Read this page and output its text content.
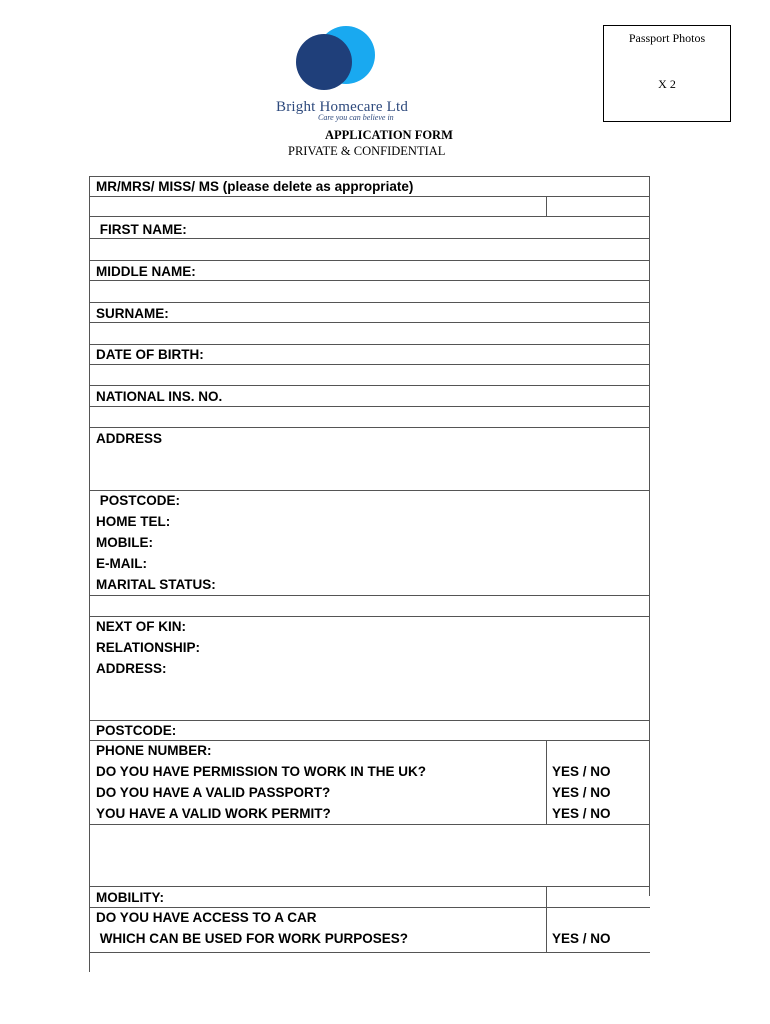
Passport Photos
X 2
Bright Homecare Ltd
Care you can believe in
APPLICATION FORM
PRIVATE & CONFIDENTIAL
MR/MRS/ MISS/ MS (please delete as appropriate)
FIRST NAME:
MIDDLE NAME:
SURNAME:
DATE OF BIRTH:
NATIONAL INS. NO.
ADDRESS
POSTCODE:
HOME TEL:
MOBILE:
E-MAIL:
MARITAL STATUS:
NEXT OF KIN:
RELATIONSHIP:
ADDRESS:
POSTCODE:
PHONE NUMBER:
DO YOU HAVE PERMISSION TO WORK IN THE UK?
DO YOU HAVE A VALID PASSPORT?
YOU HAVE A VALID WORK PERMIT?
MOBILITY:
DO YOU HAVE ACCESS TO A CAR
WHICH CAN BE USED FOR WORK PURPOSES?
YES / NO
YES / NO
YES / NO
YES / NO
